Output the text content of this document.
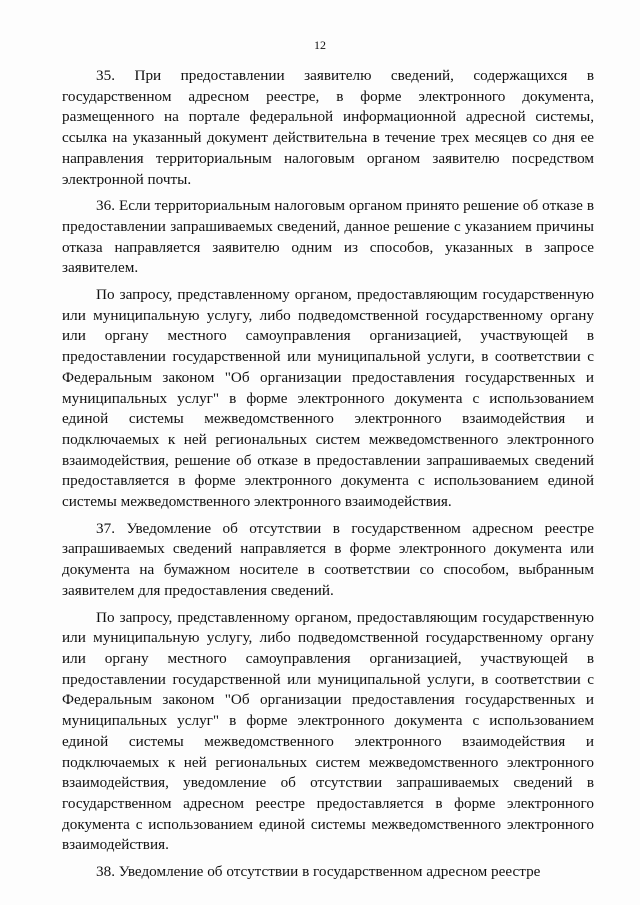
12

35. При предоставлении заявителю сведений, содержащихся в государственном адресном реестре, в форме электронного документа, размещенного на портале федеральной информационной адресной системы, ссылка на указанный документ действительна в течение трех месяцев со дня ее направления территориальным налоговым органом заявителю посредством электронной почты.

36. Если территориальным налоговым органом принято решение об отказе в предоставлении запрашиваемых сведений, данное решение с указанием причины отказа направляется заявителю одним из способов, указанных в запросе заявителем.

По запросу, представленному органом, предоставляющим государственную или муниципальную услугу, либо подведомственной государственному органу или органу местного самоуправления организацией, участвующей в предоставлении государственной или муниципальной услуги, в соответствии с Федеральным законом "Об организации предоставления государственных и муниципальных услуг" в форме электронного документа с использованием единой системы межведомственного электронного взаимодействия и подключаемых к ней региональных систем межведомственного электронного взаимодействия, решение об отказе в предоставлении запрашиваемых сведений предоставляется в форме электронного документа с использованием единой системы межведомственного электронного взаимодействия.

37. Уведомление об отсутствии в государственном адресном реестре запрашиваемых сведений направляется в форме электронного документа или документа на бумажном носителе в соответствии со способом, выбранным заявителем для предоставления сведений.

По запросу, представленному органом, предоставляющим государственную или муниципальную услугу, либо подведомственной государственному органу или органу местного самоуправления организацией, участвующей в предоставлении государственной или муниципальной услуги, в соответствии с Федеральным законом "Об организации предоставления государственных и муниципальных услуг" в форме электронного документа с использованием единой системы межведомственного электронного взаимодействия и подключаемых к ней региональных систем межведомственного электронного взаимодействия, уведомление об отсутствии запрашиваемых сведений в государственном адресном реестре предоставляется в форме электронного документа с использованием единой системы межведомственного электронного взаимодействия.

38. Уведомление об отсутствии в государственном адресном реестре
